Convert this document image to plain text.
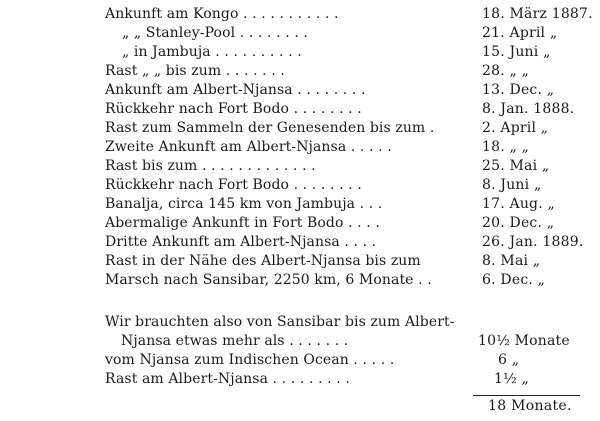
Ankunft am Kongo . . . . . . . . . . .	18. März 1887.
„ „ Stanley-Pool . . . . . . . .	21. April „
„ in Jambuja . . . . . . . . . .	15. Juni „
Rast „ „ bis zum . . . . . . .	28. „ „
Ankunft am Albert-Njansa . . . . . . . .	13. Dec. „
Rückkehr nach Fort Bodo . . . . . . . .	8. Jan. 1888.
Rast zum Sammeln der Genesenden bis zum .	2. April „
Zweite Ankunft am Albert-Njansa . . . . .	18. „ „
Rast bis zum . . . . . . . . . . . . .	25. Mai „
Rückkehr nach Fort Bodo . . . . . . . .	8. Juni „
Banalja, circa 145 km von Jambuja . . .	17. Aug. „
Abermalige Ankunft in Fort Bodo . . . .	20. Dec. „
Dritte Ankunft am Albert-Njansa . . . .	26. Jan. 1889.
Rast in der Nähe des Albert-Njansa bis zum	8. Mai „
Marsch nach Sansibar, 2250 km, 6 Monate . .	6. Dec. „
Wir brauchten also von Sansibar bis zum Albert-
Njansa etwas mehr als . . . . . . .	10½ Monate
vom Njansa zum Indischen Ocean . . . . .	6 „
Rast am Albert-Njansa . . . . . . . . .	1½ „
18 Monate.
